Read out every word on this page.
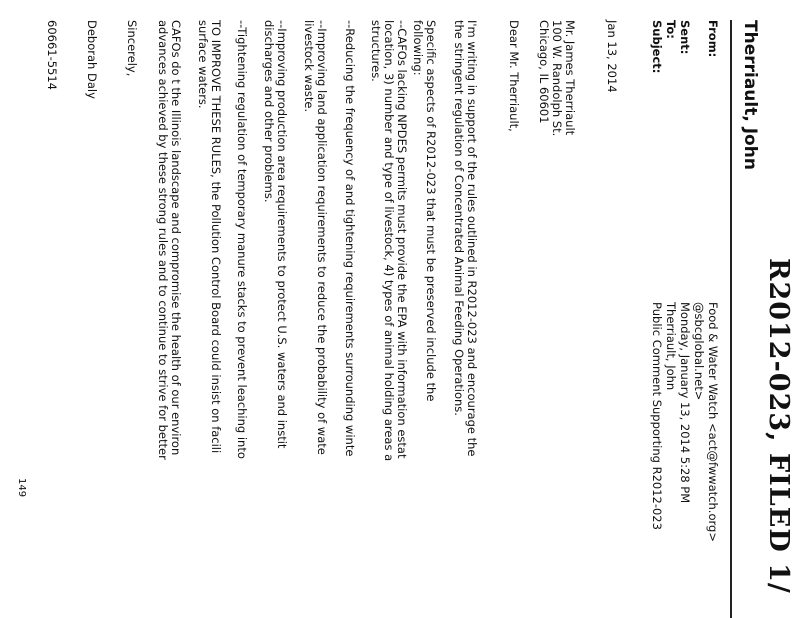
R2012-023, FILED 1/
Therriault, John
From:
Food & Water Watch <act@fwwatch.org>
@sbcglobal.net>
Sent:
Monday, January 13, 2014 5:28 PM
To:
Therriault, John
Subject:
Public Comment Supporting R2012-023
Jan 13, 2014
Mr. James Therriault
100 W. Randolph St.
Chicago, IL 60601
Dear Mr. Therriault,
I'm writing in support of the rules outlined in R2012-023 and encourage the
the stringent regulation of Concentrated Animal Feeding Operations.
Specific aspects of R2012-023 that must be preserved include the
following:
--CAFOs lacking NPDES permits must provide the EPA with information estat
location, 3) number and type of livestock, 4) types of animal holding areas a
structures.
--Reducing the frequency of and tightening requirements surrounding winte
--Improving land application requirements to reduce the probability of wate
livestock waste.
--Improving production area requirements to protect U.S. waters and instit
discharges and other problems.
--Tightening regulation of temporary manure stacks to prevent leaching into
TO IMPROVE THESE RULES, the Pollution Control Board could insist on facili
surface waters.
CAFOs do t the Illinois landscape and compromise the health of our environ
advances achieved by these strong rules and to continue to strive for better
Sincerely,
Deborah Daly
60661-5514
149
